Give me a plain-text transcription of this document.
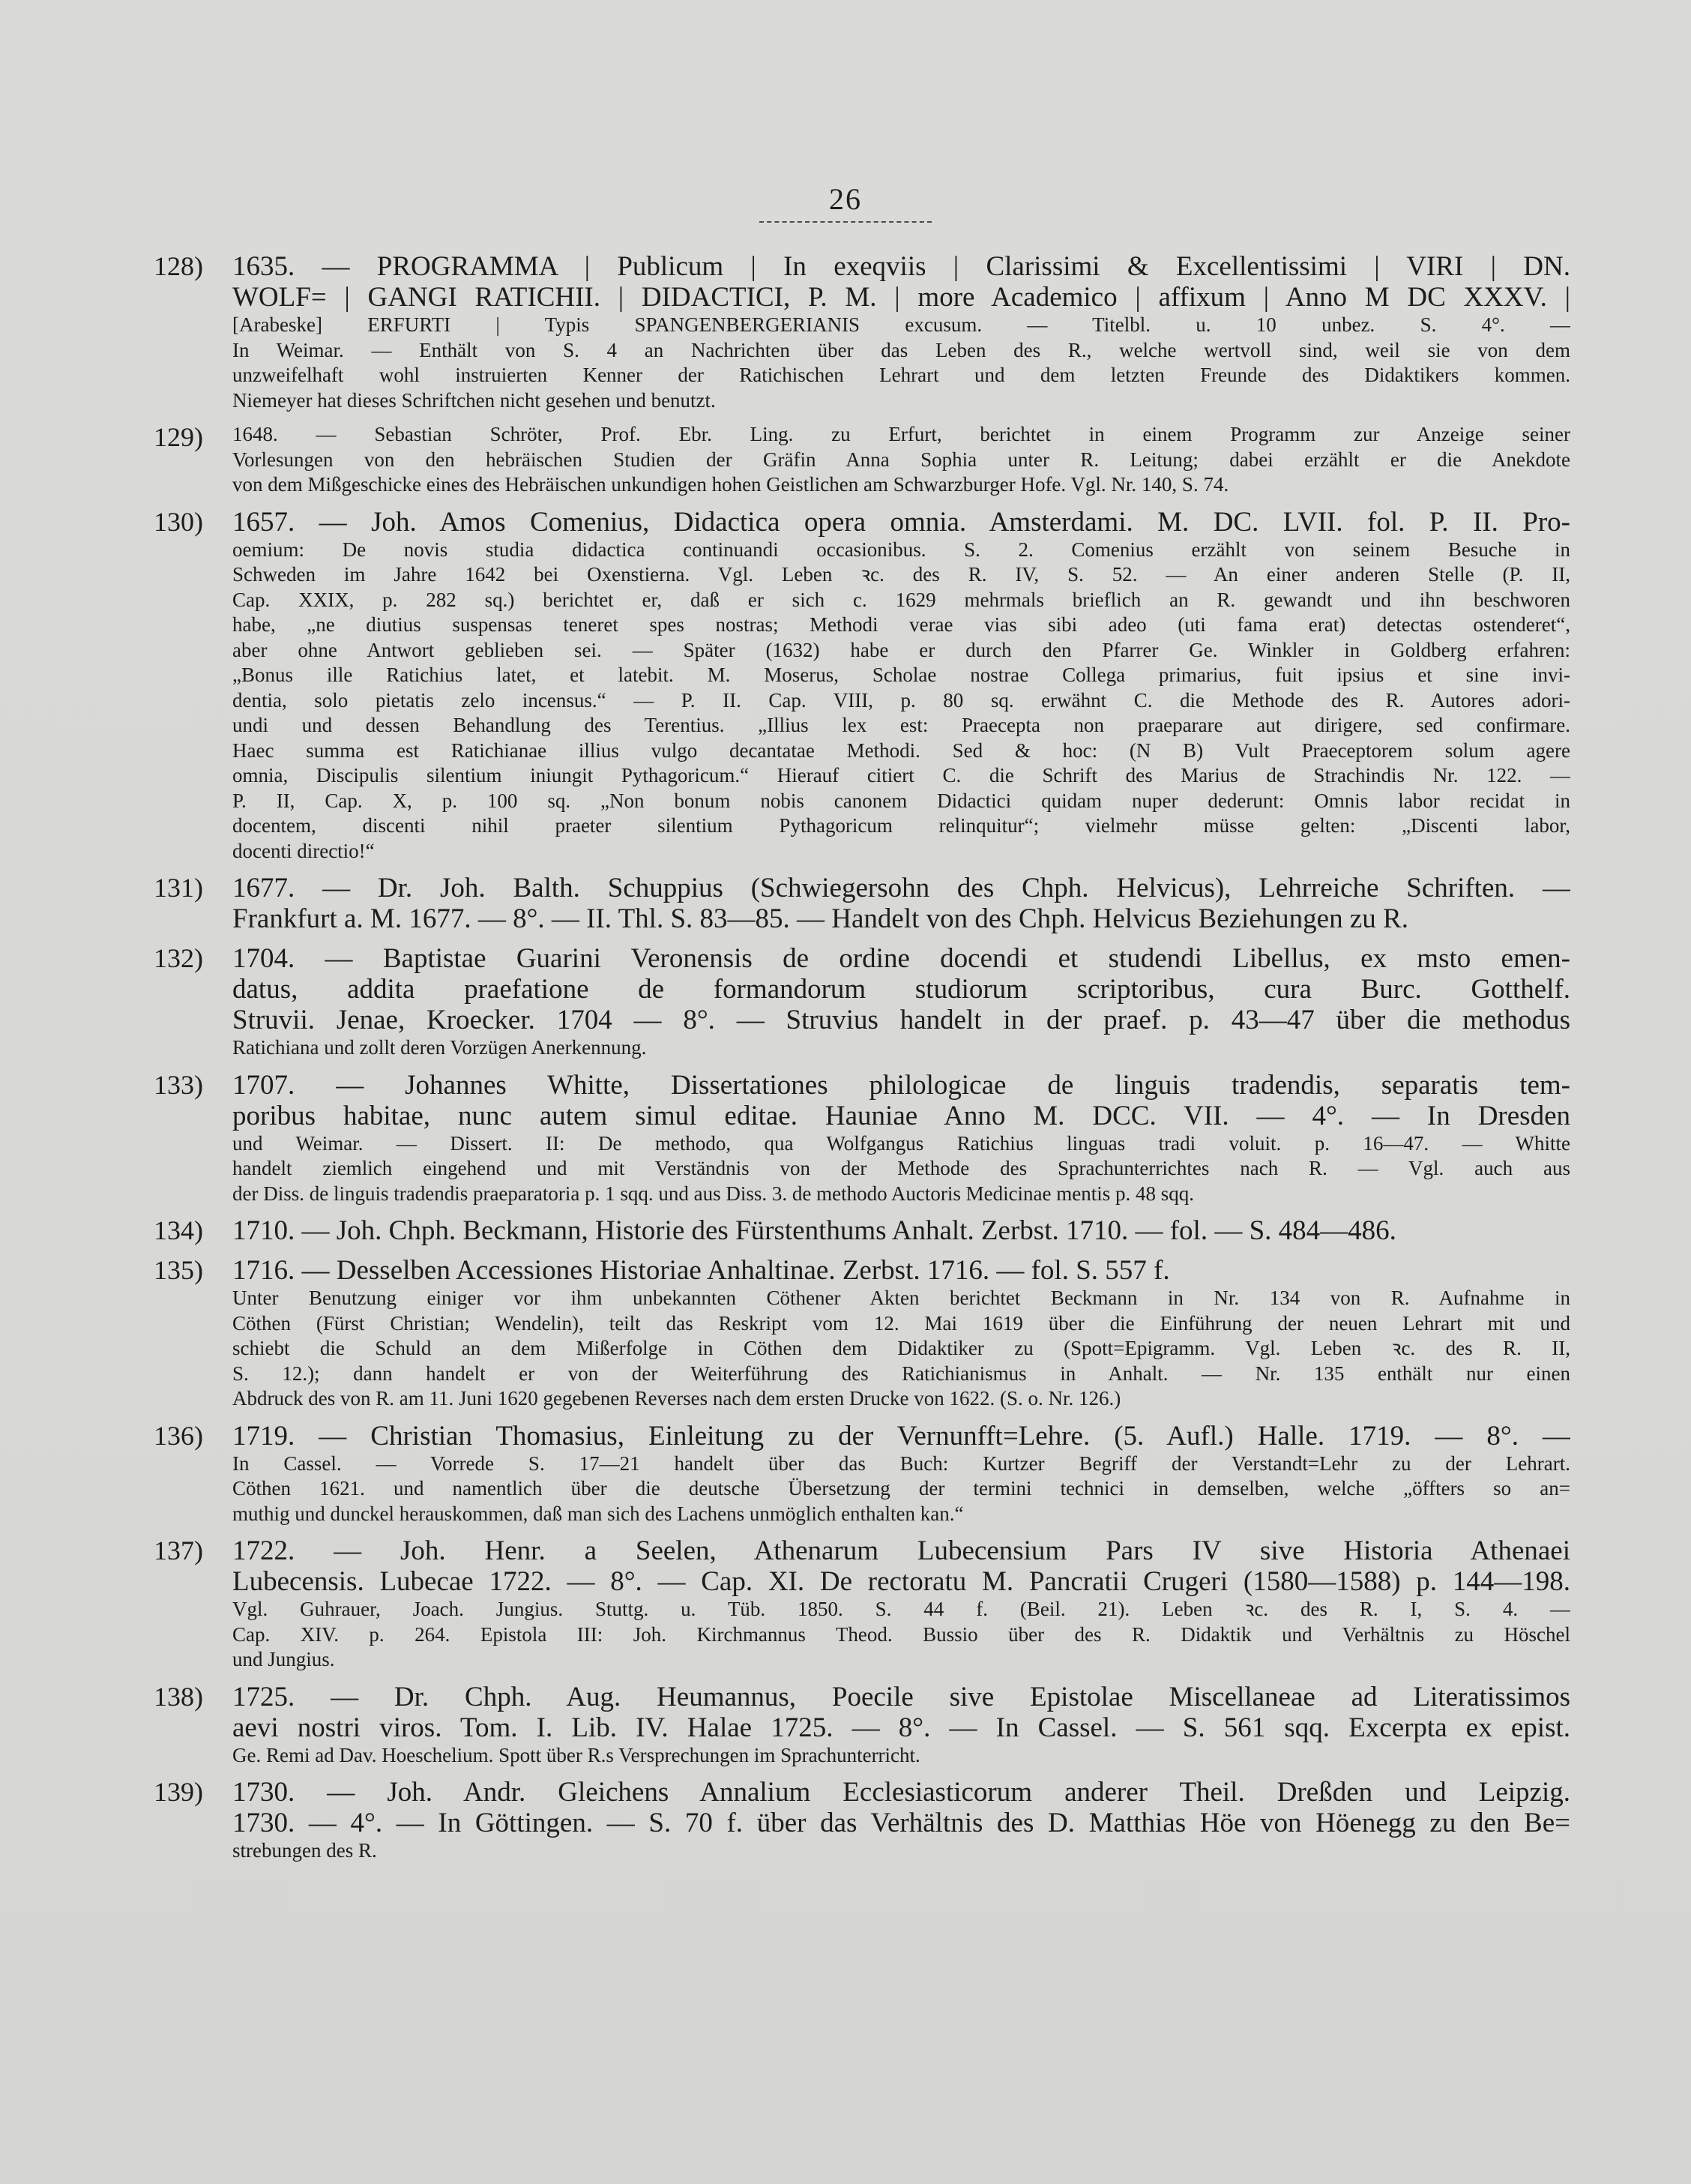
26
128) 1635. — PROGRAMMA | Publicum | In exeqviis | Clarissimi & Excellentissimi | VIRI | DN.
WOLF= | GANGI RATICHII. | DIDACTICI, P. M. | more Academico | affixum | Anno M DC XXXV. |
[Arabeske] ERFURTI | Typis SPANGENBERGERIANIS excusum. — Titelbl. u. 10 unbez. S. 4°. —
In Weimar. — Enthält von S. 4 an Nachrichten über das Leben des R., welche wertvoll sind, weil sie von dem
unzweifelhaft wohl instruierten Kenner der Ratichischen Lehrart und dem letzten Freunde des Didaktikers kommen.
Niemeyer hat dieses Schriftchen nicht gesehen und benutzt.
129) 1648. — Sebastian Schröter, Prof. Ebr. Ling. zu Erfurt, berichtet in einem Programm zur Anzeige seiner
Vorlesungen von den hebräischen Studien der Gräfin Anna Sophia unter R. Leitung; dabei erzählt er die Anekdote
von dem Mißgeschicke eines des Hebräischen unkundigen hohen Geistlichen am Schwarzburger Hofe. Vgl. Nr. 140, S. 74.
130) 1657. — Joh. Amos Comenius, Didactica opera omnia. Amsterdami. M. DC. LVII. fol. P. II. Pro-
oemium: De novis studia didactica continuandi occasionibus. S. 2. Comenius erzählt von seinem Besuche in
Schweden im Jahre 1642 bei Oxenstierna. Vgl. Leben ꝛc. des R. IV, S. 52. — An einer anderen Stelle (P. II,
Cap. XXIX, p. 282 sq.) berichtet er, daß er sich c. 1629 mehrmals brieflich an R. gewandt und ihn beschworen
habe, „ne diutius suspensas teneret spes nostras; Methodi verae vias sibi adeo (uti fama erat) detectas ostenderet“,
aber ohne Antwort geblieben sei. — Später (1632) habe er durch den Pfarrer Ge. Winkler in Goldberg erfahren:
„Bonus ille Ratichius latet, et latebit. M. Moserus, Scholae nostrae Collega primarius, fuit ipsius et sine invi-
dentia, solo pietatis zelo incensus.“ — P. II. Cap. VIII, p. 80 sq. erwähnt C. die Methode des R. Autores adori-
undi und dessen Behandlung des Terentius. „Illius lex est: Praecepta non praeparare aut dirigere, sed confirmare.
Haec summa est Ratichianae illius vulgo decantatae Methodi. Sed & hoc: (N B) Vult Praeceptorem solum agere
omnia, Discipulis silentium iniungit Pythagoricum.“ Hierauf citiert C. die Schrift des Marius de Strachindis Nr. 122. —
P. II, Cap. X, p. 100 sq. „Non bonum nobis canonem Didactici quidam nuper dederunt: Omnis labor recidat in
docentem, discenti nihil praeter silentium Pythagoricum relinquitur“; vielmehr müsse gelten: „Discenti labor,
docenti directio!“
131) 1677. — Dr. Joh. Balth. Schuppius (Schwiegersohn des Chph. Helvicus), Lehrreiche Schriften. —
Frankfurt a. M. 1677. — 8°. — II. Thl. S. 83—85. — Handelt von des Chph. Helvicus Beziehungen zu R.
132) 1704. — Baptistae Guarini Veronensis de ordine docendi et studendi Libellus, ex msto emen-
datus, addita praefatione de formandorum studiorum scriptoribus, cura Burc. Gotthelf.
Struvii. Jenae, Kroecker. 1704 — 8°. — Struvius handelt in der praef. p. 43—47 über die methodus
Ratichiana und zollt deren Vorzügen Anerkennung.
133) 1707. — Johannes Whitte, Dissertationes philologicae de linguis tradendis, separatis tem-
poribus habitae, nunc autem simul editae. Hauniae Anno M. DCC. VII. — 4°. — In Dresden
und Weimar. — Dissert. II: De methodo, qua Wolfgangus Ratichius linguas tradi voluit. p. 16—47. — Whitte
handelt ziemlich eingehend und mit Verständnis von der Methode des Sprachunterrichtes nach R. — Vgl. auch aus
der Diss. de linguis tradendis praeparatoria p. 1 sqq. und aus Diss. 3. de methodo Auctoris Medicinae mentis p. 48 sqq.
134) 1710. — Joh. Chph. Beckmann, Historie des Fürstenthums Anhalt. Zerbst. 1710. — fol. — S. 484—486.
135) 1716. — Desselben Accessiones Historiae Anhaltinae. Zerbst. 1716. — fol. S. 557 f.
Unter Benutzung einiger vor ihm unbekannten Cöthener Akten berichtet Beckmann in Nr. 134 von R. Aufnahme in
Cöthen (Fürst Christian; Wendelin), teilt das Reskript vom 12. Mai 1619 über die Einführung der neuen Lehrart mit und
schiebt die Schuld an dem Mißerfolge in Cöthen dem Didaktiker zu (Spott=Epigramm. Vgl. Leben ꝛc. des R. II,
S. 12.); dann handelt er von der Weiterführung des Ratichianismus in Anhalt. — Nr. 135 enthält nur einen
Abdruck des von R. am 11. Juni 1620 gegebenen Reverses nach dem ersten Drucke von 1622. (S. o. Nr. 126.)
136) 1719. — Christian Thomasius, Einleitung zu der Vernunfft=Lehre. (5. Aufl.) Halle. 1719. — 8°. —
In Cassel. — Vorrede S. 17—21 handelt über das Buch: Kurtzer Begriff der Verstandt=Lehr zu der Lehrart.
Cöthen 1621. und namentlich über die deutsche Übersetzung der termini technici in demselben, welche „öffters so an=
muthig und dunckel herauskommen, daß man sich des Lachens unmöglich enthalten kan.“
137) 1722. — Joh. Henr. a Seelen, Athenarum Lubecensium Pars IV sive Historia Athenaei
Lubecensis. Lubecae 1722. — 8°. — Cap. XI. De rectoratu M. Pancratii Crugeri (1580—1588) p. 144—198.
Vgl. Guhrauer, Joach. Jungius. Stuttg. u. Tüb. 1850. S. 44 f. (Beil. 21). Leben ꝛc. des R. I, S. 4. —
Cap. XIV. p. 264. Epistola III: Joh. Kirchmannus Theod. Bussio über des R. Didaktik und Verhältnis zu Höschel
und Jungius.
138) 1725. — Dr. Chph. Aug. Heumannus, Poecile sive Epistolae Miscellaneae ad Literatissimos
aevi nostri viros. Tom. I. Lib. IV. Halae 1725. — 8°. — In Cassel. — S. 561 sqq. Excerpta ex epist.
Ge. Remi ad Dav. Hoeschelium. Spott über R.s Versprechungen im Sprachunterricht.
139) 1730. — Joh. Andr. Gleichens Annalium Ecclesiasticorum anderer Theil. Dreßden und Leipzig.
1730. — 4°. — In Göttingen. — S. 70 f. über das Verhältnis des D. Matthias Höe von Höenegg zu den Be=
strebungen des R.
